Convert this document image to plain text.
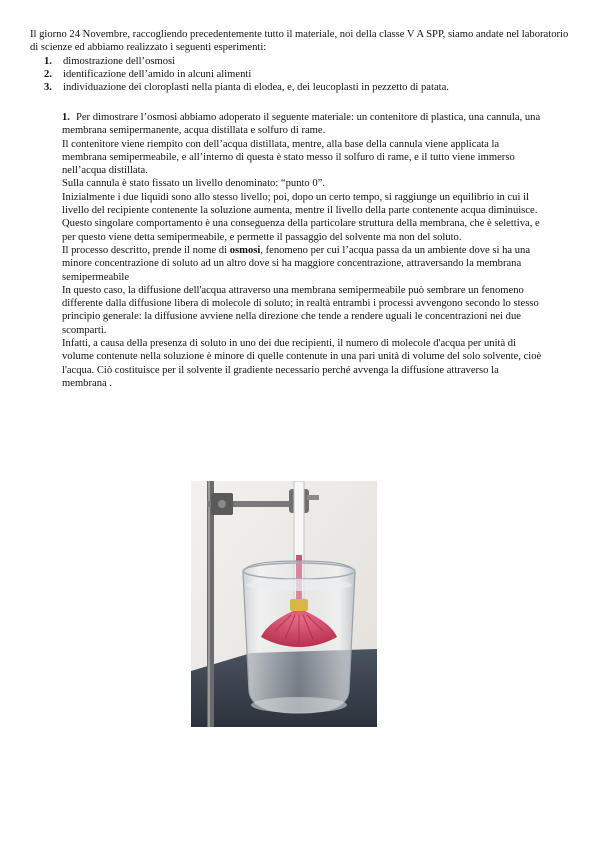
Il giorno 24 Novembre, raccogliendo precedentemente tutto il materiale, noi della classe V A SPP, siamo andate nel laboratorio di scienze ed abbiamo realizzato i seguenti esperimenti:

1. dimostrazione dell’osmosi
2. identificazione dell’amido in alcuni alimenti
3. individuazione dei cloroplasti nella pianta di elodea, e, dei leucoplasti in pezzetto di patata.

1. Per dimostrare l’osmosi abbiamo adoperato il seguente materiale: un contenitore di plastica, una cannula, una membrana semipermanente, acqua distillata e solfuro di rame.

Il contenitore viene riempito con dell’acqua distillata, mentre, alla base della cannula viene applicata la membrana semipermeabile, e all’interno di questa è stato messo il solfuro di rame, e il tutto viene immerso nell’acqua distillata.

Sulla cannula è stato fissato un livello denominato: “punto 0”.

Inizialmente i due liquidi sono allo stesso livello; poi, dopo un certo tempo, si raggiunge un equilibrio in cui il livello del recipiente contenente la soluzione aumenta, mentre il livello della parte contenente acqua diminuisce.

Questo singolare comportamento è una conseguenza della particolare struttura della membrana, che è selettiva, e per questo viene detta semipermeabile, e permette il passaggio del solvente ma non del soluto.

Il processo descritto, prende il nome di osmosi, fenomeno per cui l’acqua passa da un ambiente dove si ha una minore concentrazione di soluto ad un altro dove si ha maggiore concentrazione, attraversando la membrana semipermeabile

In questo caso, la diffusione dell'acqua attraverso una membrana semipermeabile può sembrare un fenomeno differente dalla diffusione libera di molecole di soluto; in realtà entrambi i processi avvengono secondo lo stesso principio generale: la diffusione avviene nella direzione che tende a rendere uguali le concentrazioni nei due scomparti.

Infatti, a causa della presenza di soluto in uno dei due recipienti, il numero di molecole d'acqua per unità di volume contenute nella soluzione è minore di quelle contenute in una pari unità di volume del solo solvente, cioè l'acqua. Ciò costituisce per il solvente il gradiente necessario perché avvenga la diffusione attraverso la membrana .
